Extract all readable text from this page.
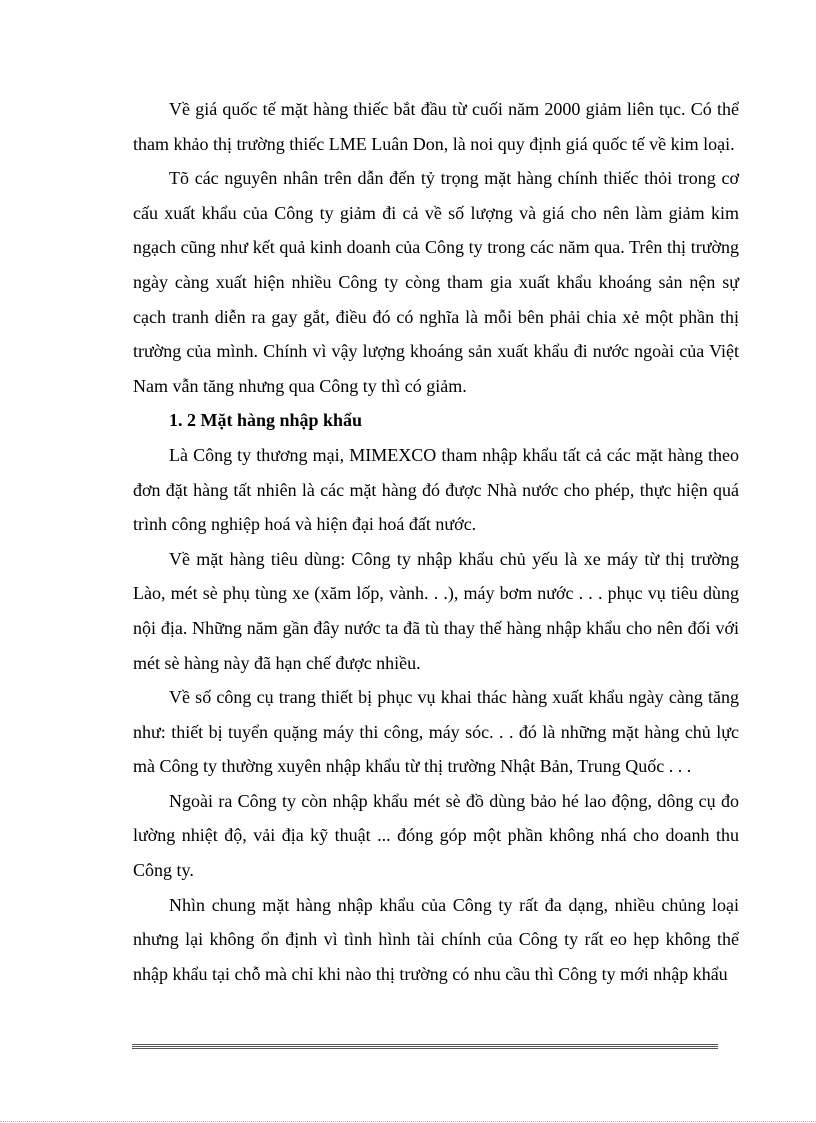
Về giá quốc tế mặt hàng thiếc bắt đầu từ cuối năm 2000 giảm liên tục. Có thể tham khảo thị trường thiếc LME Luân Don, là noi quy định giá quốc tế về kim loại.

Tõ các nguyên nhân trên dẫn đến tỷ trọng mặt hàng chính thiếc thỏi trong cơ cấu xuất khẩu của Công ty giảm đi cả về số lượng và giá cho nên làm giảm kim ngạch cũng như kết quả kinh doanh của Công ty trong các năm qua. Trên thị trường ngày càng xuất hiện nhiều Công ty còng tham gia xuất khẩu khoáng sản nện sự cạch tranh diễn ra gay gắt, điều đó có nghĩa là mỗi bên phải chia xẻ một phần thị trường của mình. Chính vì vậy lượng khoáng sản xuất khẩu đi nước ngoài của Việt Nam vẫn tăng nhưng qua Công ty thì có giảm.

1. 2 Mặt hàng nhập khẩu

Là Công ty thương mại, MIMEXCO tham nhập khẩu tất cả các mặt hàng theo đơn đặt hàng tất nhiên là các mặt hàng đó được Nhà nước cho phép, thực hiện quá trình công nghiệp hoá và hiện đại hoá đất nước.

Về mặt hàng tiêu dùng: Công ty nhập khẩu chủ yếu là xe máy từ thị trường Lào, mét sè phụ tùng xe (xăm lốp, vành. . .), máy bơm nước . . . phục vụ tiêu dùng nội địa. Những năm gần đây nước ta đã tù thay thế hàng nhập khẩu cho nên đối với mét sè hàng này đã hạn chế được nhiều.

Về số công cụ trang thiết bị phục vụ khai thác hàng xuất khẩu ngày càng tăng như: thiết bị tuyển quặng máy thi công, máy sóc. . . đó là những mặt hàng chủ lực mà Công ty thường xuyên nhập khẩu từ thị trường Nhật Bản, Trung Quốc . . .

Ngoài ra Công ty còn nhập khẩu mét sè đồ dùng bảo hé lao động, dông cụ đo lường nhiệt độ, vải địa kỹ thuật ... đóng góp một phần không nhá cho doanh thu Công ty.

Nhìn chung mặt hàng nhập khẩu của Công ty rất đa dạng, nhiều chủng loại nhưng lại không ổn định vì tình hình tài chính của Công ty rất eo hẹp không thể nhập khẩu tại chỗ mà chỉ khi nào thị trường có nhu cầu thì Công ty mới nhập khẩu
